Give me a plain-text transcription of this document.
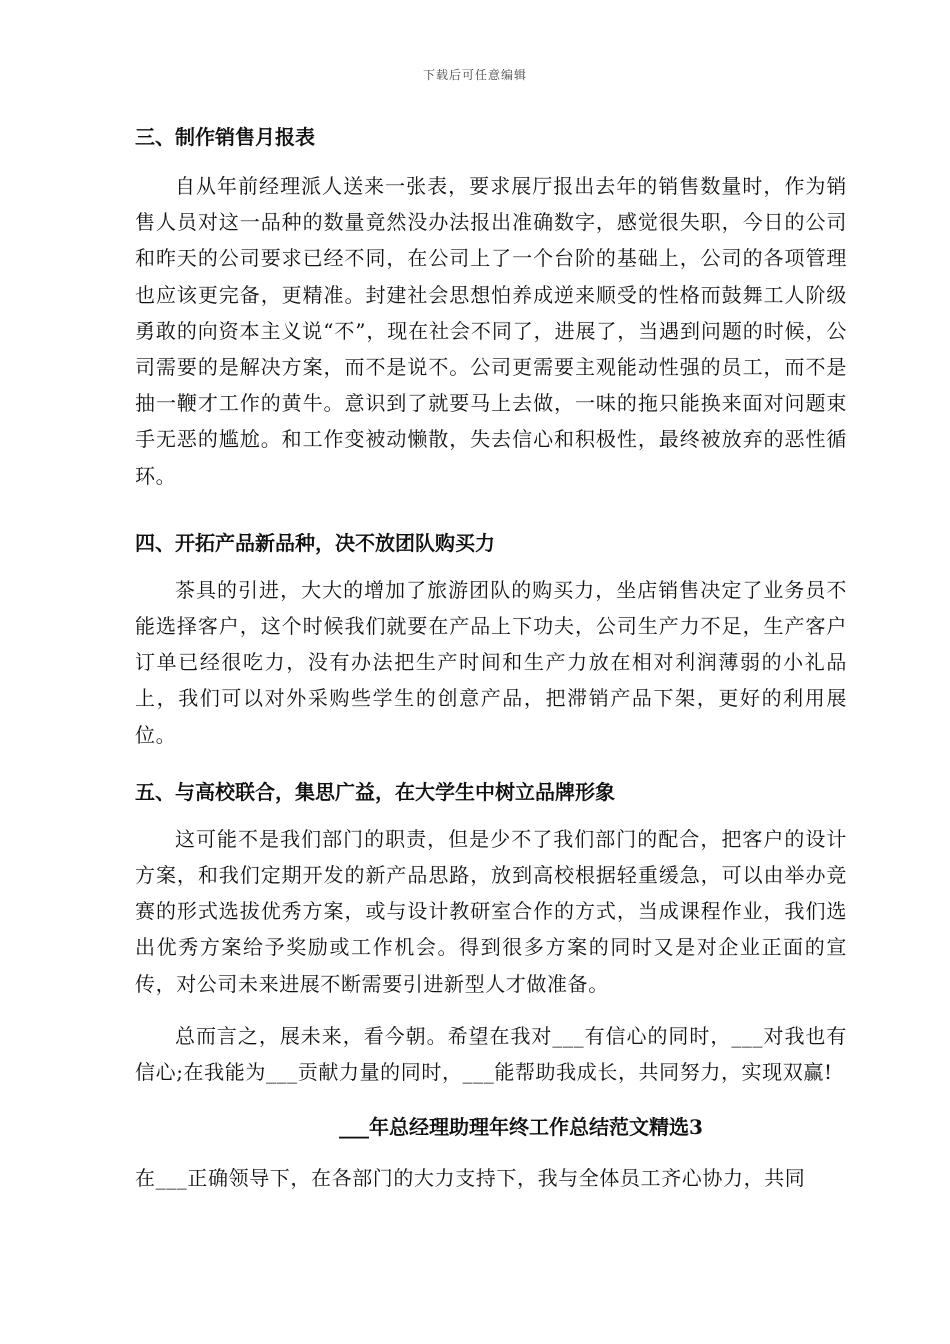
下载后可任意编辑

三、制作销售月报表

自从年前经理派人送来一张表，要求展厅报出去年的销售数量时，作为销售人员对这一品种的数量竟然没办法报出准确数字，感觉很失职，今日的公司和昨天的公司要求已经不同，在公司上了一个台阶的基础上，公司的各项管理也应该更完备，更精准。封建社会思想怕养成逆来顺受的性格而鼓舞工人阶级勇敢的向资本主义说“不”，现在社会不同了，进展了，当遇到问题的时候，公司需要的是解决方案，而不是说不。公司更需要主观能动性强的员工，而不是抽一鞭才工作的黄牛。意识到了就要马上去做，一味的拖只能换来面对问题束手无恶的尴尬。和工作变被动懒散，失去信心和积极性，最终被放弃的恶性循环。

四、开拓产品新品种，决不放团队购买力

茶具的引进，大大的增加了旅游团队的购买力，坐店销售决定了业务员不能选择客户，这个时候我们就要在产品上下功夫，公司生产力不足，生产客户订单已经很吃力，没有办法把生产时间和生产力放在相对利润薄弱的小礼品上，我们可以对外采购些学生的创意产品，把滞销产品下架，更好的利用展位。

五、与高校联合，集思广益，在大学生中树立品牌形象

这可能不是我们部门的职责，但是少不了我们部门的配合，把客户的设计方案，和我们定期开发的新产品思路，放到高校根据轻重缓急，可以由举办竞赛的形式选拔优秀方案，或与设计教研室合作的方式，当成课程作业，我们选出优秀方案给予奖励或工作机会。得到很多方案的同时又是对企业正面的宣传，对公司未来进展不断需要引进新型人才做准备。

总而言之，展未来，看今朝。希望在我对___有信心的同时，___对我也有信心;在我能为___贡献力量的同时，___能帮助我成长，共同努力，实现双赢!

___年总经理助理年终工作总结范文精选3

在___正确领导下，在各部门的大力支持下，我与全体员工齐心协力，共同
